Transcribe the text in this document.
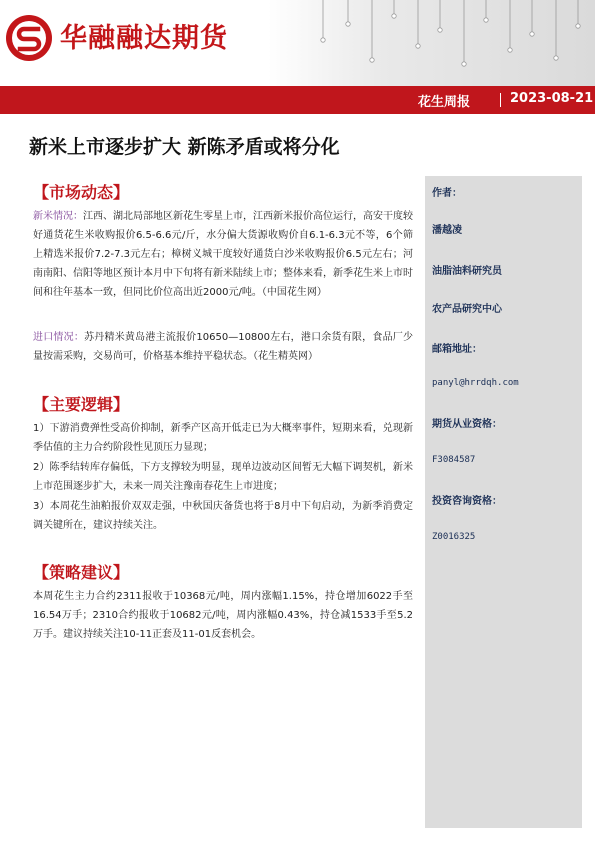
华融融达期货
花生周报	2023-08-21
新米上市逐步扩大 新陈矛盾或将分化
【市场动态】

新米情况：江西、湖北局部地区新花生零星上市，江西新米报价高位运行，高安干度较好通货花生米收购报价6.5-6.6元/斤，水分偏大货源收购价自6.1-6.3元不等，6个筛上精选米报价7.2-7.3元左右；樟树义城干度较好通货白沙米收购报价6.5元左右；河南南阳、信阳等地区预计本月中下旬将有新米陆续上市；整体来看，新季花生米上市时间和往年基本一致，但同比价位高出近2000元/吨。（中国花生网）

进口情况：苏丹精米黄岛港主流报价10650—10800左右，港口余货有限，食品厂少量按需采购，交易尚可，价格基本维持平稳状态。（花生精英网）

【主要逻辑】

1）下游消费弹性受高价抑制，新季产区高开低走已为大概率事件，短期来看，兑现新季估值的主力合约阶段性见顶压力显现；

2）陈季结转库存偏低，下方支撑较为明显，现单边波动区间暂无大幅下调契机，新米上市范围逐步扩大，未来一周关注豫南春花生上市进度；

3）本周花生油粕报价双双走强，中秋国庆备货也将于8月中下旬启动，为新季消费定调关键所在，建议持续关注。

【策略建议】

本周花生主力合约2311报收于10368元/吨，周内涨幅1.15%，持仓增加6022手至16.54万手；2310合约报收于10682元/吨，周内涨幅0.43%，持仓减1533手至5.2万手。建议持续关注10-11正套及11-01反套机会。

作者：
潘越凌
油脂油料研究员
农产品研究中心
邮箱地址：
panyl@hrrdqh.com
期货从业资格：
F3084587
投资咨询资格：
Z0016325
